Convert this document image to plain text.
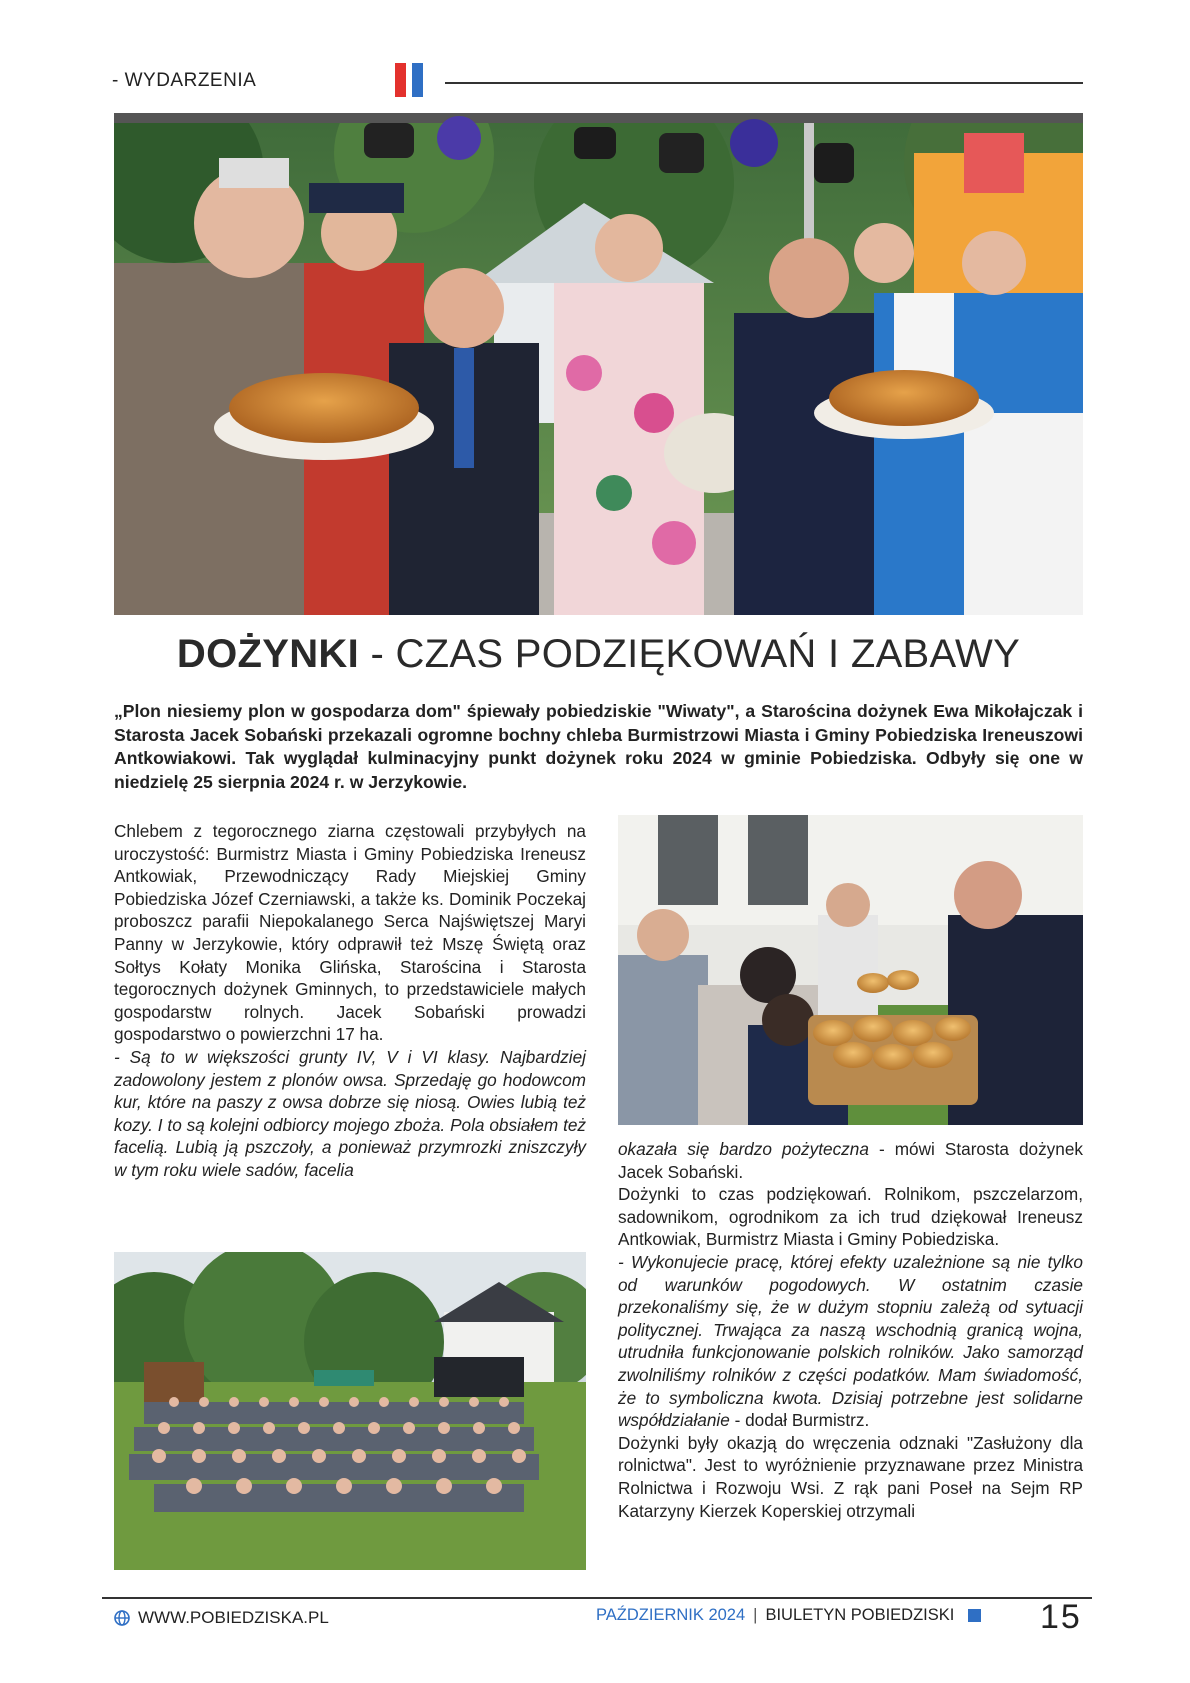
- WYDARZENIA
DOŻYNKI - CZAS PODZIĘKOWAŃ I ZABAWY
„Plon niesiemy plon w gospodarza dom" śpiewały pobiedziskie "Wiwaty", a Starościna dożynek Ewa Mikołajczak i Starosta Jacek Sobański przekazali ogromne bochny chleba Burmistrzowi Miasta i Gminy Pobiedziska Ireneuszowi Antkowiakowi. Tak wyglądał kulminacyjny punkt dożynek roku 2024 w gminie Pobiedziska. Odbyły się one w niedzielę 25 sierpnia 2024 r. w Jerzykowie.

Chlebem z tegorocznego ziarna częstowali przybyłych na uroczystość: Burmistrz Miasta i Gminy Pobiedziska Ireneusz Antkowiak, Przewodniczący Rady Miejskiej Gminy Pobiedziska Józef Czerniawski, a także ks. Dominik Poczekaj proboszcz parafii Niepokalanego Serca Najświętszej Maryi Panny w Jerzykowie, który odprawił też Mszę Świętą oraz Sołtys Kołaty Monika Glińska, Starościna i Starosta tegorocznych dożynek Gminnych, to przedstawiciele małych gospodarstw rolnych. Jacek Sobański prowadzi gospodarstwo o powierzchni 17 ha.

- Są to w większości grunty IV, V i VI klasy. Najbardziej zadowolony jestem z plonów owsa. Sprzedaję go hodowcom kur, które na paszy z owsa dobrze się niosą. Owies lubią też kozy. I to są kolejni odbiorcy mojego zboża. Pola obsiałem też facelią. Lubią ją pszczoły, a ponieważ przymrozki zniszczyły w tym roku wiele sadów, facelia

okazała się bardzo pożyteczna - mówi Starosta dożynek Jacek Sobański.

Dożynki to czas podziękowań. Rolnikom, pszczelarzom, sadownikom, ogrodnikom za ich trud dziękował Ireneusz Antkowiak, Burmistrz Miasta i Gminy Pobiedziska.

- Wykonujecie pracę, której efekty uzależnione są nie tylko od warunków pogodowych. W ostatnim czasie przekonaliśmy się, że w dużym stopniu zależą od sytuacji politycznej. Trwająca za naszą wschodnią granicą wojna, utrudniła funkcjonowanie polskich rolników. Jako samorząd zwolniliśmy rolników z części podatków. Mam świadomość, że to symboliczna kwota. Dzisiaj potrzebne jest solidarne współdziałanie - dodał Burmistrz.

Dożynki były okazją do wręczenia odznaki "Zasłużony dla rolnictwa". Jest to wyróżnienie przyznawane przez Ministra Rolnictwa i Rozwoju Wsi. Z rąk pani Poseł na Sejm RP Katarzyny Kierzek Koperskiej otrzymali

WWW.POBIEDZISKA.PL	PAŹDZIERNIK 2024 | BIULETYN POBIEDZISKI	15
